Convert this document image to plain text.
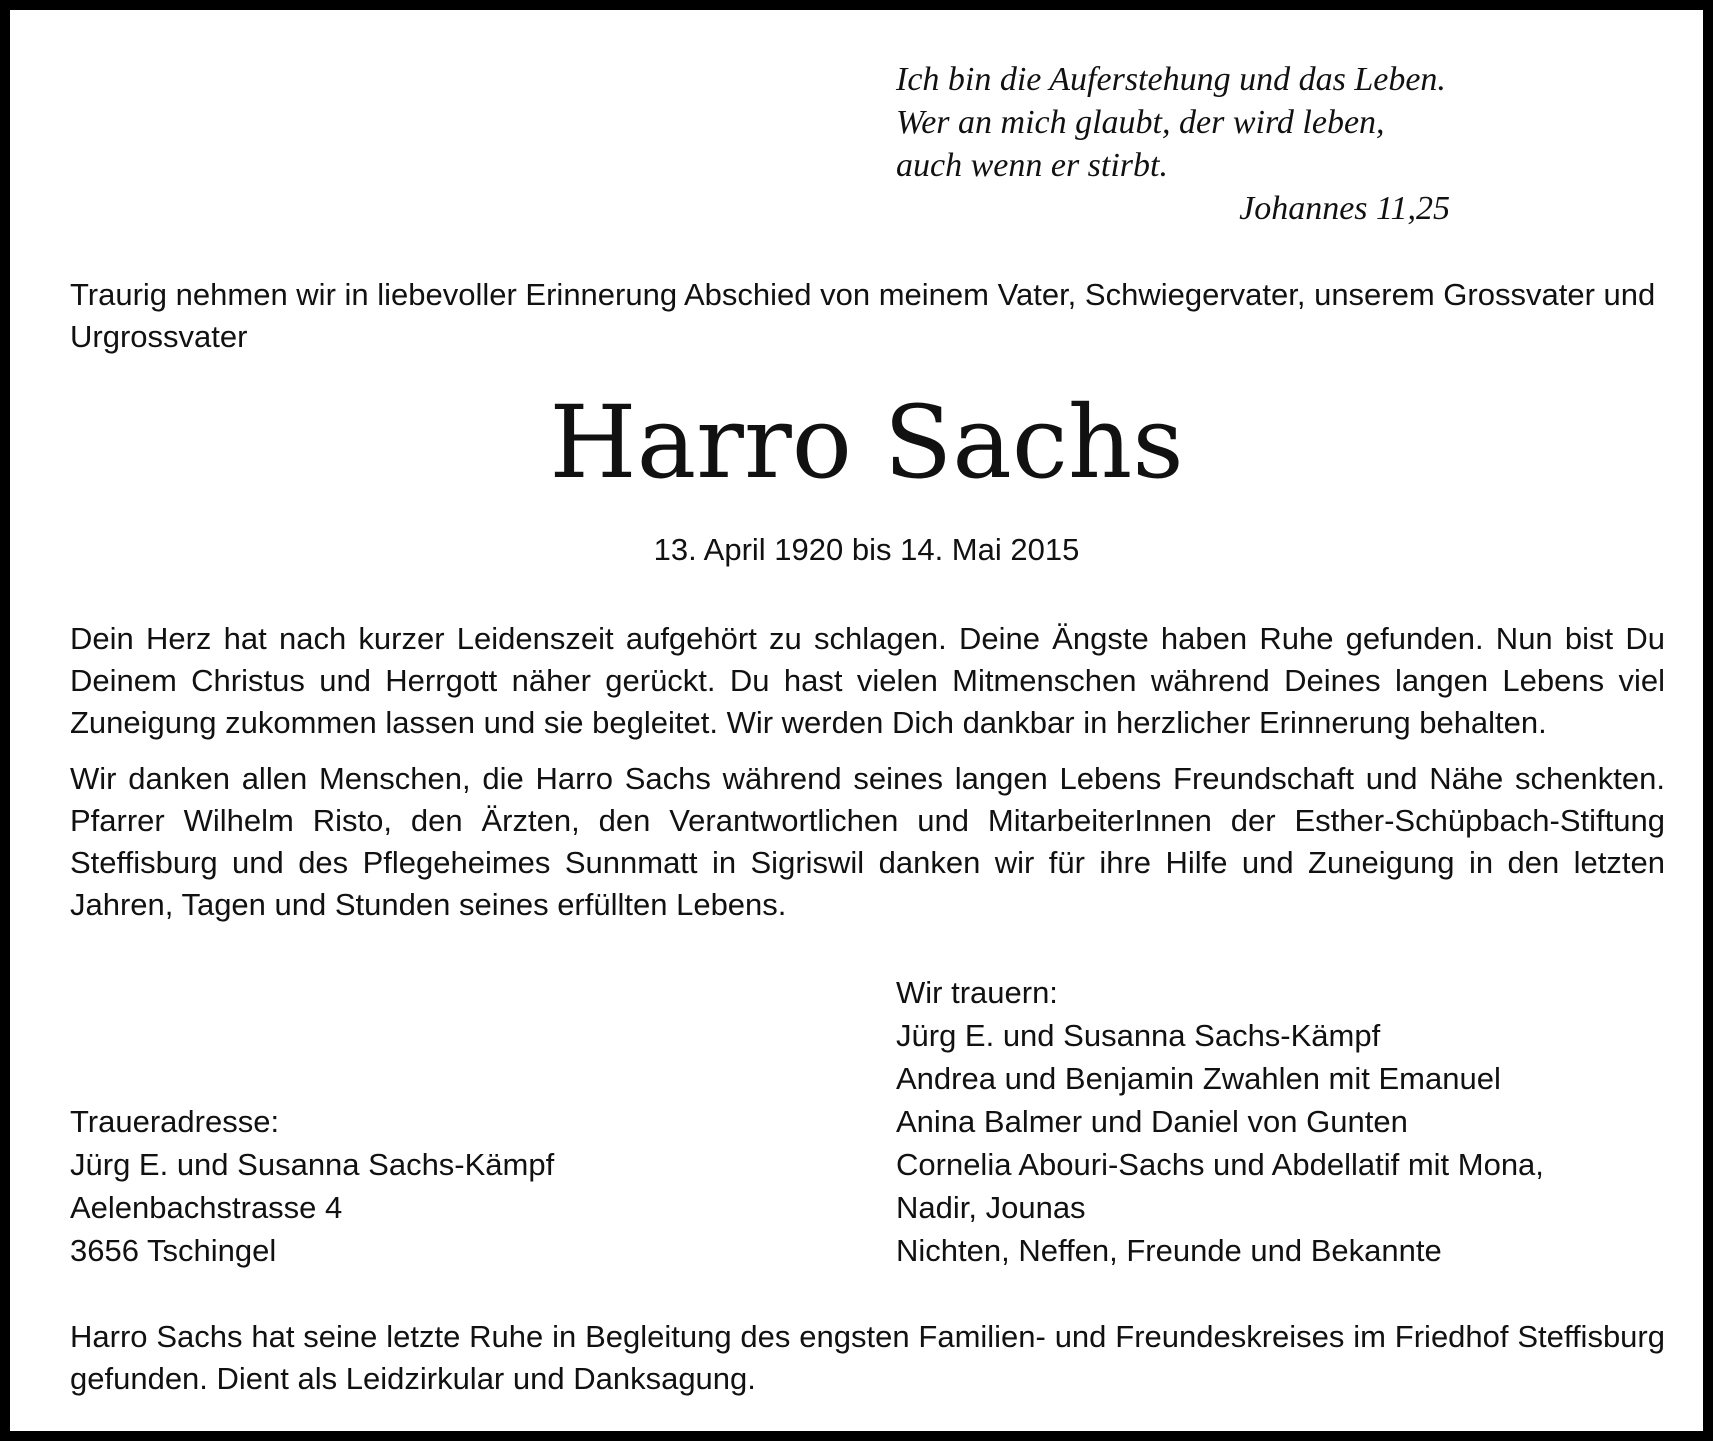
Ich bin die Auferstehung und das Leben.
Wer an mich glaubt, der wird leben,
auch wenn er stirbt.
Johannes 11,25
Traurig nehmen wir in liebevoller Erinnerung Abschied von meinem Vater, Schwiegervater, unserem Grossvater und Urgrossvater
Harro Sachs
13. April 1920 bis 14. Mai 2015
Dein Herz hat nach kurzer Leidenszeit aufgehört zu schlagen. Deine Ängste haben Ruhe gefunden. Nun bist Du Deinem Christus und Herrgott näher gerückt. Du hast vielen Mitmenschen während Deines langen Lebens viel Zuneigung zukommen lassen und sie begleitet. Wir werden Dich dankbar in herzlicher Erinnerung behalten.
Wir danken allen Menschen, die Harro Sachs während seines langen Lebens Freundschaft und Nähe schenkten. Pfarrer Wilhelm Risto, den Ärzten, den Verantwortlichen und MitarbeiterInnen der Esther-Schüpbach-Stiftung Steffisburg und des Pflegeheimes Sunnmatt in Sigriswil danken wir für ihre Hilfe und Zuneigung in den letzten Jahren, Tagen und Stunden seines erfüllten Lebens.
Wir trauern:
Jürg E. und Susanna Sachs-Kämpf
Andrea und Benjamin Zwahlen mit Emanuel
Anina Balmer und Daniel von Gunten
Cornelia Abouri-Sachs und Abdellatif mit Mona,
Nadir, Jounas
Nichten, Neffen, Freunde und Bekannte
Traueradresse:
Jürg E. und Susanna Sachs-Kämpf
Aelenbachstrasse 4
3656 Tschingel
Harro Sachs hat seine letzte Ruhe in Begleitung des engsten Familien- und Freundeskreises im Friedhof Steffisburg gefunden. Dient als Leidzirkular und Danksagung.
